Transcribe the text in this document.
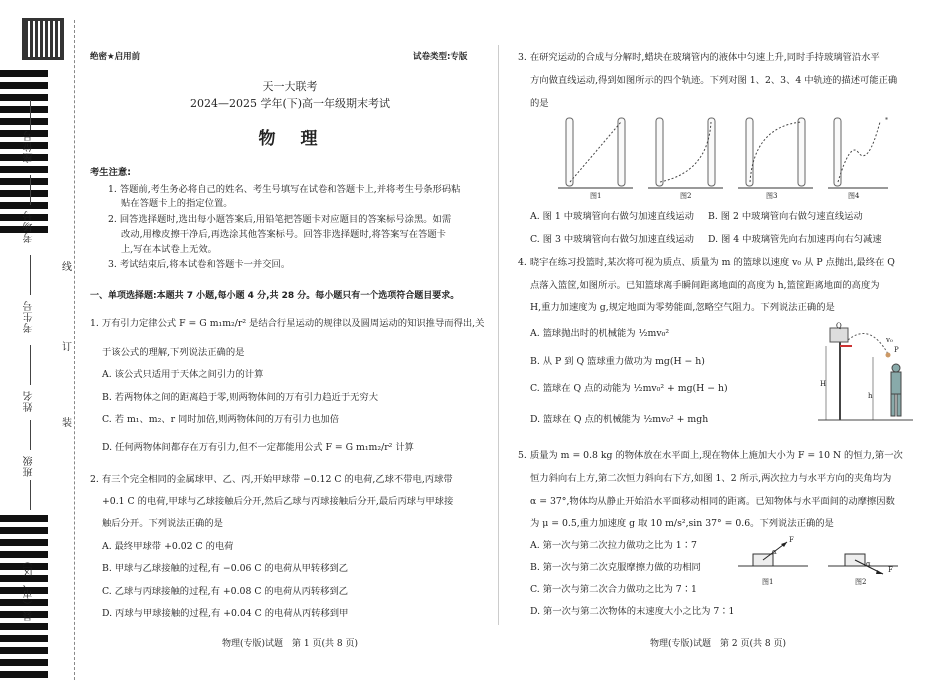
座位号
考场号
考生号
姓名
班级
县（市、区）
线
订
装
绝密★启用前	试卷类型:专版
天一大联考
2024—2025 学年(下)高一年级期末考试
物　理
考生注意:
1. 答题前,考生务必将自己的姓名、考生号填写在试卷和答题卡上,并将考生号条形码粘
贴在答题卡上的指定位置。
2. 回答选择题时,选出每小题答案后,用铅笔把答题卡对应题目的答案标号涂黑。如需
改动,用橡皮擦干净后,再选涂其他答案标号。回答非选择题时,将答案写在答题卡
上,写在本试卷上无效。
3. 考试结束后,将本试卷和答题卡一并交回。
一、单项选择题:本题共 7 小题,每小题 4 分,共 28 分。每小题只有一个选项符合题目要求。
1. 万有引力定律公式 F = G m₁m₂/r² 是结合行星运动的规律以及圆周运动的知识推导而得出,关
于该公式的理解,下列说法正确的是
A. 该公式只适用于天体之间引力的计算
B. 若两物体之间的距离趋于零,则两物体间的万有引力趋近于无穷大
C. 若 m₁、m₂、r 同时加倍,则两物体间的万有引力也加倍
D. 任何两物体间都存在万有引力,但不一定都能用公式 F = G m₁m₂/r² 计算
2. 有三个完全相同的金属球甲、乙、丙,开始甲球带 −0.12 C 的电荷,乙球不带电,丙球带
+0.1 C 的电荷,甲球与乙球接触后分开,然后乙球与丙球接触后分开,最后丙球与甲球接
触后分开。下列说法正确的是
A. 最终甲球带 +0.02 C 的电荷
B. 甲球与乙球接触的过程,有 −0.06 C 的电荷从甲转移到乙
C. 乙球与丙球接触的过程,有 +0.08 C 的电荷从丙转移到乙
D. 丙球与甲球接触的过程,有 +0.04 C 的电荷从丙转移到甲
物理(专版)试题　第 1 页(共 8 页)
3. 在研究运动的合成与分解时,蜡块在玻璃管内的液体中匀速上升,同时手持玻璃管沿水平
方向做直线运动,得到如图所示的四个轨迹。下列对图 1、2、3、4 中轨迹的描述可能正确
的是
图1	图2	图3	图4
A. 图 1 中玻璃管向右做匀加速直线运动 B. 图 2 中玻璃管向右做匀速直线运动
C. 图 3 中玻璃管向右做匀加速直线运动 D. 图 4 中玻璃管先向右加速再向右匀减速
4. 晓宇在练习投篮时,某次将可视为质点、质量为 m 的篮球以速度 v₀ 从 P 点抛出,最终在 Q
点落入篮筐,如图所示。已知篮球离手瞬间距离地面的高度为 h,篮筐距离地面的高度为
H,重力加速度为 g,规定地面为零势能面,忽略空气阻力。下列说法正确的是
A. 篮球抛出时的机械能为 ½mv₀²
B. 从 P 到 Q 篮球重力做功为 mg(H − h)
C. 篮球在 Q 点的动能为 ½mv₀² + mg(H − h)
D. 篮球在 Q 点的机械能为 ½mv₀² + mgh
Q
P
v₀
H
h
5. 质量为 m = 0.8 kg 的物体放在水平面上,现在物体上施加大小为 F = 10 N 的恒力,第一次
恒力斜向右上方,第二次恒力斜向右下方,如图 1、2 所示,两次拉力与水平方向的夹角均为
α = 37°,物体均从静止开始沿水平面移动相同的距离。已知物体与水平面间的动摩擦因数
为 μ = 0.5,重力加速度 g 取 10 m/s²,sin 37° = 0.6。下列说法正确的是
A. 第一次与第二次拉力做功之比为 1∶7
B. 第一次与第二次克服摩擦力做的功相同
C. 第一次与第二次合力做功之比为 7∶1
D. 第一次与第二次物体的末速度大小之比为 7∶1
F
α
α
F
图1	图2
物理(专版)试题　第 2 页(共 8 页)
